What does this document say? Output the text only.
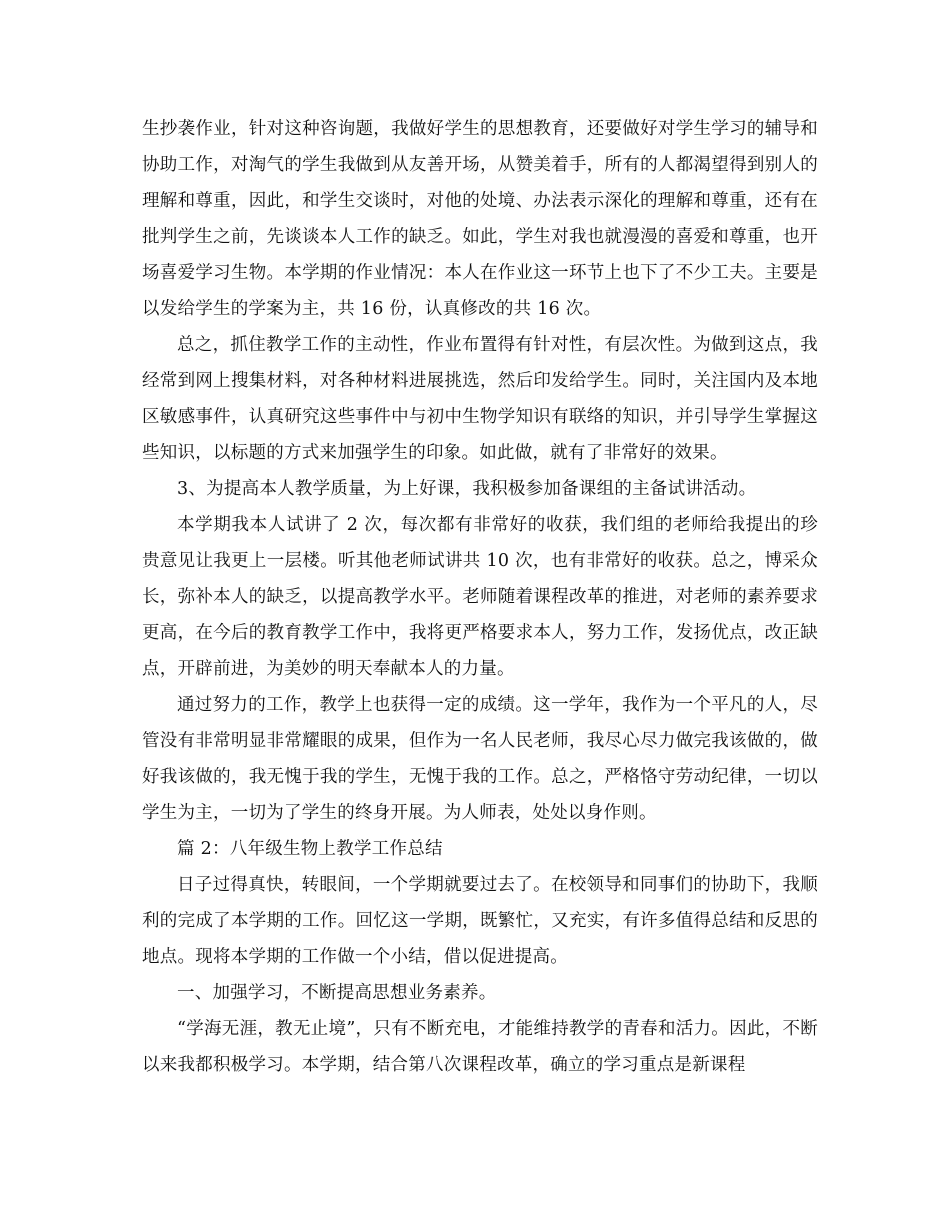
生抄袭作业，针对这种咨询题，我做好学生的思想教育，还要做好对学生学习的辅导和协助工作，对淘气的学生我做到从友善开场，从赞美着手，所有的人都渴望得到别人的理解和尊重，因此，和学生交谈时，对他的处境、办法表示深化的理解和尊重，还有在批判学生之前，先谈谈本人工作的缺乏。如此，学生对我也就漫漫的喜爱和尊重，也开场喜爱学习生物。本学期的作业情况：本人在作业这一环节上也下了不少工夫。主要是以发给学生的学案为主，共 16 份，认真修改的共 16 次。

总之，抓住教学工作的主动性，作业布置得有针对性，有层次性。为做到这点，我经常到网上搜集材料，对各种材料进展挑选，然后印发给学生。同时，关注国内及本地区敏感事件，认真研究这些事件中与初中生物学知识有联络的知识，并引导学生掌握这些知识，以标题的方式来加强学生的印象。如此做，就有了非常好的效果。

3、为提高本人教学质量，为上好课，我积极参加备课组的主备试讲活动。

本学期我本人试讲了 2 次，每次都有非常好的收获，我们组的老师给我提出的珍贵意见让我更上一层楼。听其他老师试讲共 10 次，也有非常好的收获。总之，博采众长，弥补本人的缺乏，以提高教学水平。老师随着课程改革的推进，对老师的素养要求更高，在今后的教育教学工作中，我将更严格要求本人，努力工作，发扬优点，改正缺点，开辟前进，为美妙的明天奉献本人的力量。

通过努力的工作，教学上也获得一定的成绩。这一学年，我作为一个平凡的人，尽管没有非常明显非常耀眼的成果，但作为一名人民老师，我尽心尽力做完我该做的，做好我该做的，我无愧于我的学生，无愧于我的工作。总之，严格恪守劳动纪律，一切以学生为主，一切为了学生的终身开展。为人师表，处处以身作则。

篇 2：八年级生物上教学工作总结

日子过得真快，转眼间，一个学期就要过去了。在校领导和同事们的协助下，我顺利的完成了本学期的工作。回忆这一学期，既繁忙，又充实，有许多值得总结和反思的地点。现将本学期的工作做一个小结，借以促进提高。

一、加强学习，不断提高思想业务素养。

“学海无涯，教无止境”，只有不断充电，才能维持教学的青春和活力。因此，不断以来我都积极学习。本学期，结合第八次课程改革，确立的学习重点是新课程
